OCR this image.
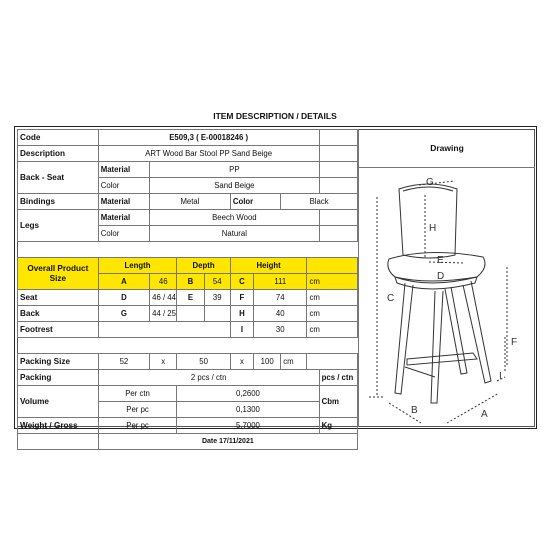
ITEM DESCRIPTION / DETAILS
Code	E509,3 ( E-00018246 )								
Description	ART Wood Bar Stool PP Sand Beige								
Back - Seat	Material	PP							
	Color	Sand Beige							
Bindings	Material	Metal			Color		Black		
Legs	Material	Beech Wood							
	Color	Natural							

Overall Product Size	Length		Depth		Height				
	A	46	B	54	C	111		cm	
Seat	D	46 / 44	E	39	F	74		cm	
Back	G	44 / 25			H	40		cm	
Footrest					I	30		cm	

Packing Size	52	x	50		x	100	cm		
Packing	2 pcs / ctn								pcs / ctn
Volume	Per ctn		0,2600						Cbm
	Per pc		0,1300						
Weight / Gross	Per pc		5,7000						Kg
	Date 17/11/2021								
Drawing
G
H
E
D
C
F
I
B	A
